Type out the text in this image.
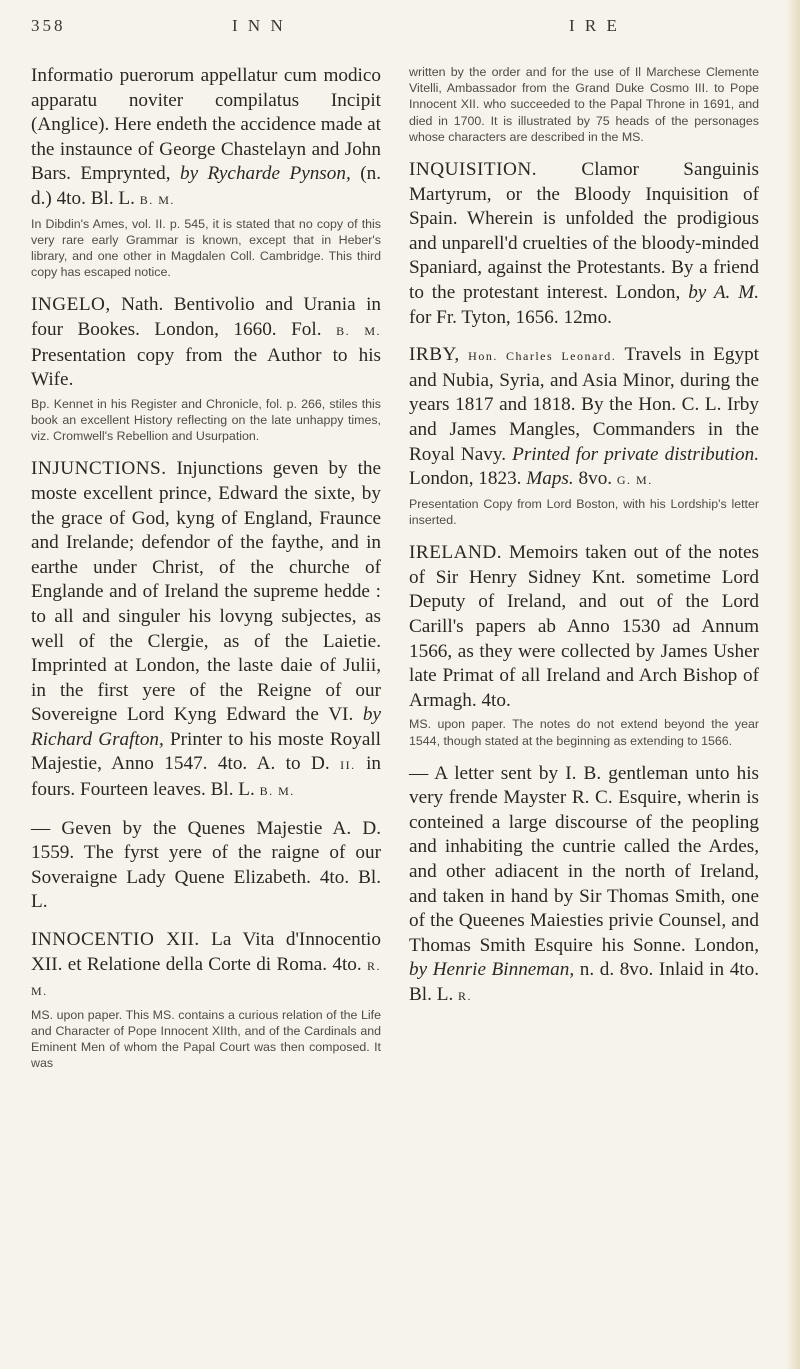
358	I N N	I R E
Informatio puerorum appellatur cum modico apparatu noviter compilatus Incipit (Anglice). Here endeth the accidence made at the instaunce of George Chastelayn and John Bars. Emprynted, by Rycharde Pynson, (n. d.) 4to. Bl. L. B. M.
In Dibdin's Ames, vol. II. p. 545, it is stated that no copy of this very rare early Grammar is known, except that in Heber's library, and one other in Magdalen Coll. Cambridge. This third copy has escaped notice.
INGELO, Nath. Bentivolio and Urania in four Bookes. London, 1660. Fol. B. M. Presentation copy from the Author to his Wife.
Bp. Kennet in his Register and Chronicle, fol. p. 266, stiles this book an excellent History reflecting on the late unhappy times, viz. Cromwell's Rebellion and Usurpation.
INJUNCTIONS. Injunctions geven by the moste excellent prince, Edward the sixte, by the grace of God, kyng of England, Fraunce and Irelande; defendor of the faythe, and in earthe under Christ, of the churche of Englande and of Ireland the supreme hedde : to all and singuler his lovyng subjectes, as well of the Clergie, as of the Laietie. Imprinted at London, the laste daie of Julii, in the first yere of the Reigne of our Sovereigne Lord Kyng Edward the VI. by Richard Grafton, Printer to his moste Royall Majestie, Anno 1547. 4to. A. to D. II. in fours. Fourteen leaves. Bl. L. B. M.
— Geven by the Quenes Majestie A. D. 1559. The fyrst yere of the raigne of our Soveraigne Lady Quene Elizabeth. 4to. Bl. L.
INNOCENTIO XII. La Vita d'Innocentio XII. et Relatione della Corte di Roma. 4to. R. M.
MS. upon paper. This MS. contains a curious relation of the Life and Character of Pope Innocent XIIth, and of the Cardinals and Eminent Men of whom the Papal Court was then composed. It was
written by the order and for the use of Il Marchese Clemente Vitelli, Ambassador from the Grand Duke Cosmo III. to Pope Innocent XII. who succeeded to the Papal Throne in 1691, and died in 1700. It is illustrated by 75 heads of the personages whose characters are described in the MS.
INQUISITION. Clamor Sanguinis Martyrum, or the Bloody Inquisition of Spain. Wherein is unfolded the prodigious and unparell'd cruelties of the bloody-minded Spaniard, against the Protestants. By a friend to the protestant interest. London, by A. M. for Fr. Tyton, 1656. 12mo.
IRBY, Hon. Charles Leonard. Travels in Egypt and Nubia, Syria, and Asia Minor, during the years 1817 and 1818. By the Hon. C. L. Irby and James Mangles, Commanders in the Royal Navy. Printed for private distribution. London, 1823. Maps. 8vo. G. M.
Presentation Copy from Lord Boston, with his Lordship's letter inserted.
IRELAND. Memoirs taken out of the notes of Sir Henry Sidney Knt. sometime Lord Deputy of Ireland, and out of the Lord Carill's papers ab Anno 1530 ad Annum 1566, as they were collected by James Usher late Primat of all Ireland and Arch Bishop of Armagh. 4to.
MS. upon paper. The notes do not extend beyond the year 1544, though stated at the beginning as extending to 1566.
— A letter sent by I. B. gentleman unto his very frende Mayster R. C. Esquire, wherin is conteined a large discourse of the peopling and inhabiting the cuntrie called the Ardes, and other adiacent in the north of Ireland, and taken in hand by Sir Thomas Smith, one of the Queenes Maiesties privie Counsel, and Thomas Smith Esquire his Sonne. London, by Henrie Binneman, n. d. 8vo. Inlaid in 4to. Bl. L. R.
